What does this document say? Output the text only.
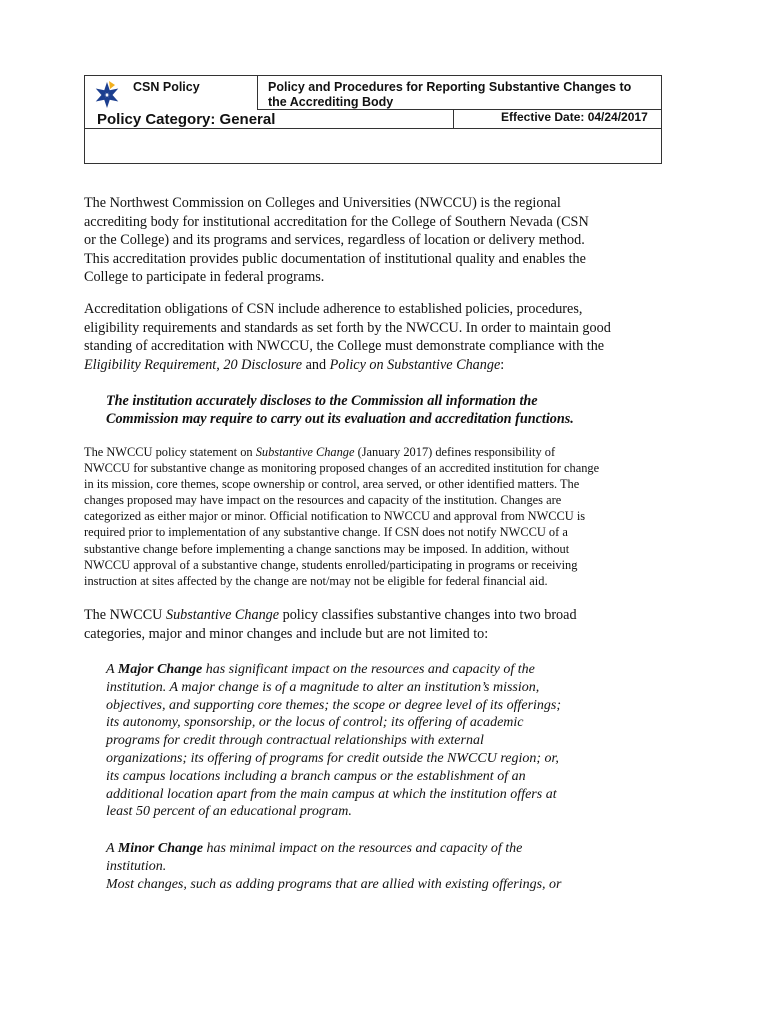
CSN Policy	Policy and Procedures for Reporting Substantive Changes to
the Accrediting Body
Policy Category: General	Effective Date: 04/24/2017
The Northwest Commission on Colleges and Universities (NWCCU) is the regional
accrediting body for institutional accreditation for the College of Southern Nevada (CSN
or the College) and its programs and services, regardless of location or delivery method.
This accreditation provides public documentation of institutional quality and enables the
College to participate in federal programs.
Accreditation obligations of CSN include adherence to established policies, procedures,
eligibility requirements and standards as set forth by the NWCCU. In order to maintain good
standing of accreditation with NWCCU, the College must demonstrate compliance with the
Eligibility Requirement, 20 Disclosure and Policy on Substantive Change:
The institution accurately discloses to the Commission all information the
Commission may require to carry out its evaluation and accreditation functions.
The NWCCU policy statement on Substantive Change (January 2017) defines responsibility of
NWCCU for substantive change as monitoring proposed changes of an accredited institution for change
in its mission, core themes, scope ownership or control, area served, or other identified matters. The
changes proposed may have impact on the resources and capacity of the institution. Changes are
categorized as either major or minor. Official notification to NWCCU and approval from NWCCU is
required prior to implementation of any substantive change. If CSN does not notify NWCCU of a
substantive change before implementing a change sanctions may be imposed. In addition, without
NWCCU approval of a substantive change, students enrolled/participating in programs or receiving
instruction at sites affected by the change are not/may not be eligible for federal financial aid.
The NWCCU Substantive Change policy classifies substantive changes into two broad
categories, major and minor changes and include but are not limited to:
A Major Change has significant impact on the resources and capacity of the
institution. A major change is of a magnitude to alter an institution’s mission,
objectives, and supporting core themes; the scope or degree level of its offerings;
its autonomy, sponsorship, or the locus of control; its offering of academic
programs for credit through contractual relationships with external
organizations; its offering of programs for credit outside the NWCCU region; or,
its campus locations including a branch campus or the establishment of an
additional location apart from the main campus at which the institution offers at
least 50 percent of an educational program.
A Minor Change has minimal impact on the resources and capacity of the
institution.
Most changes, such as adding programs that are allied with existing offerings, or
